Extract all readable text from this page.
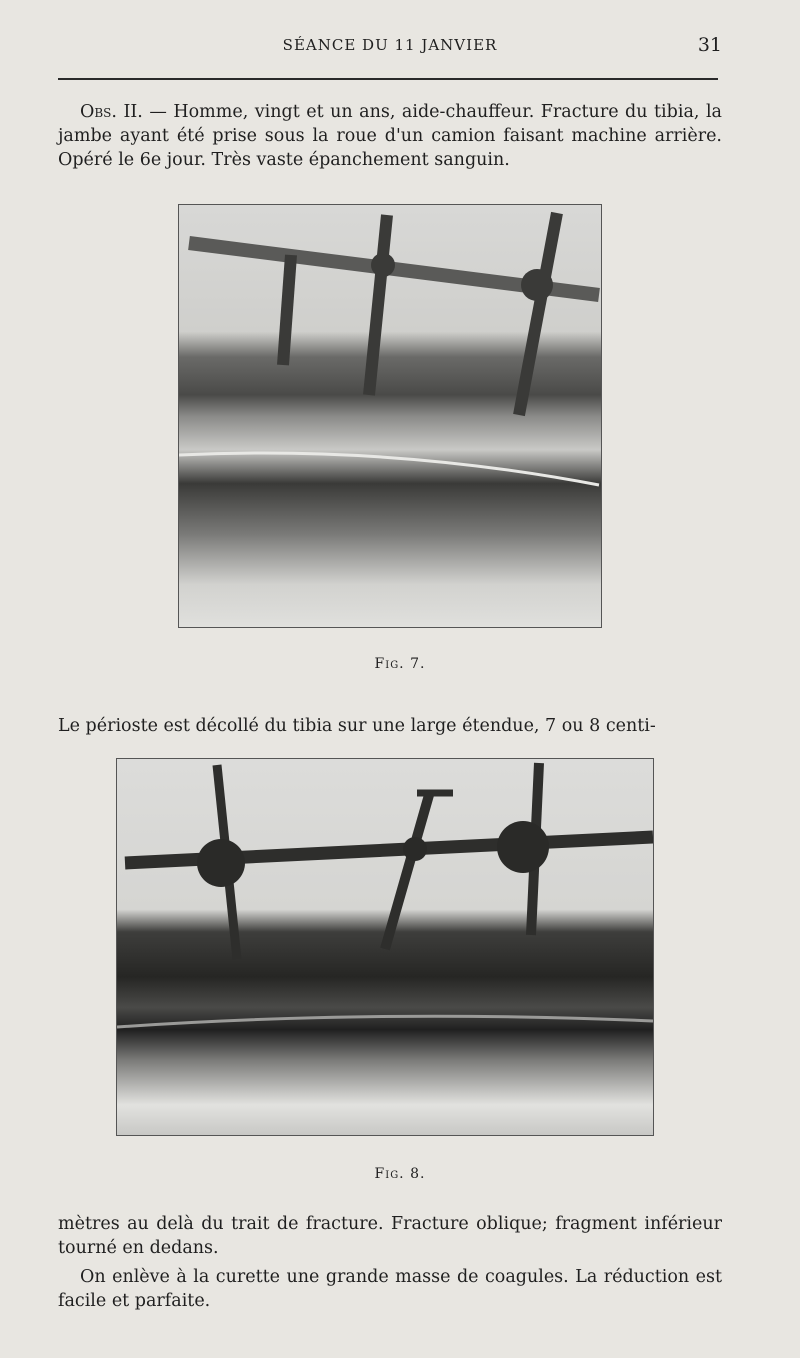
SÉANCE DU 11 JANVIER	31

Obs. II. — Homme, vingt et un ans, aide-chauffeur. Fracture du tibia, la jambe ayant été prise sous la roue d'un camion faisant machine arrière. Opéré le 6e jour. Très vaste épanchement sanguin.

Fig. 7.

Le périoste est décollé du tibia sur une large étendue, 7 ou 8 centi-

Fig. 8.

mètres au delà du trait de fracture. Fracture oblique; fragment inférieur tourné en dedans.

On enlève à la curette une grande masse de coagules. La réduction est facile et parfaite.
